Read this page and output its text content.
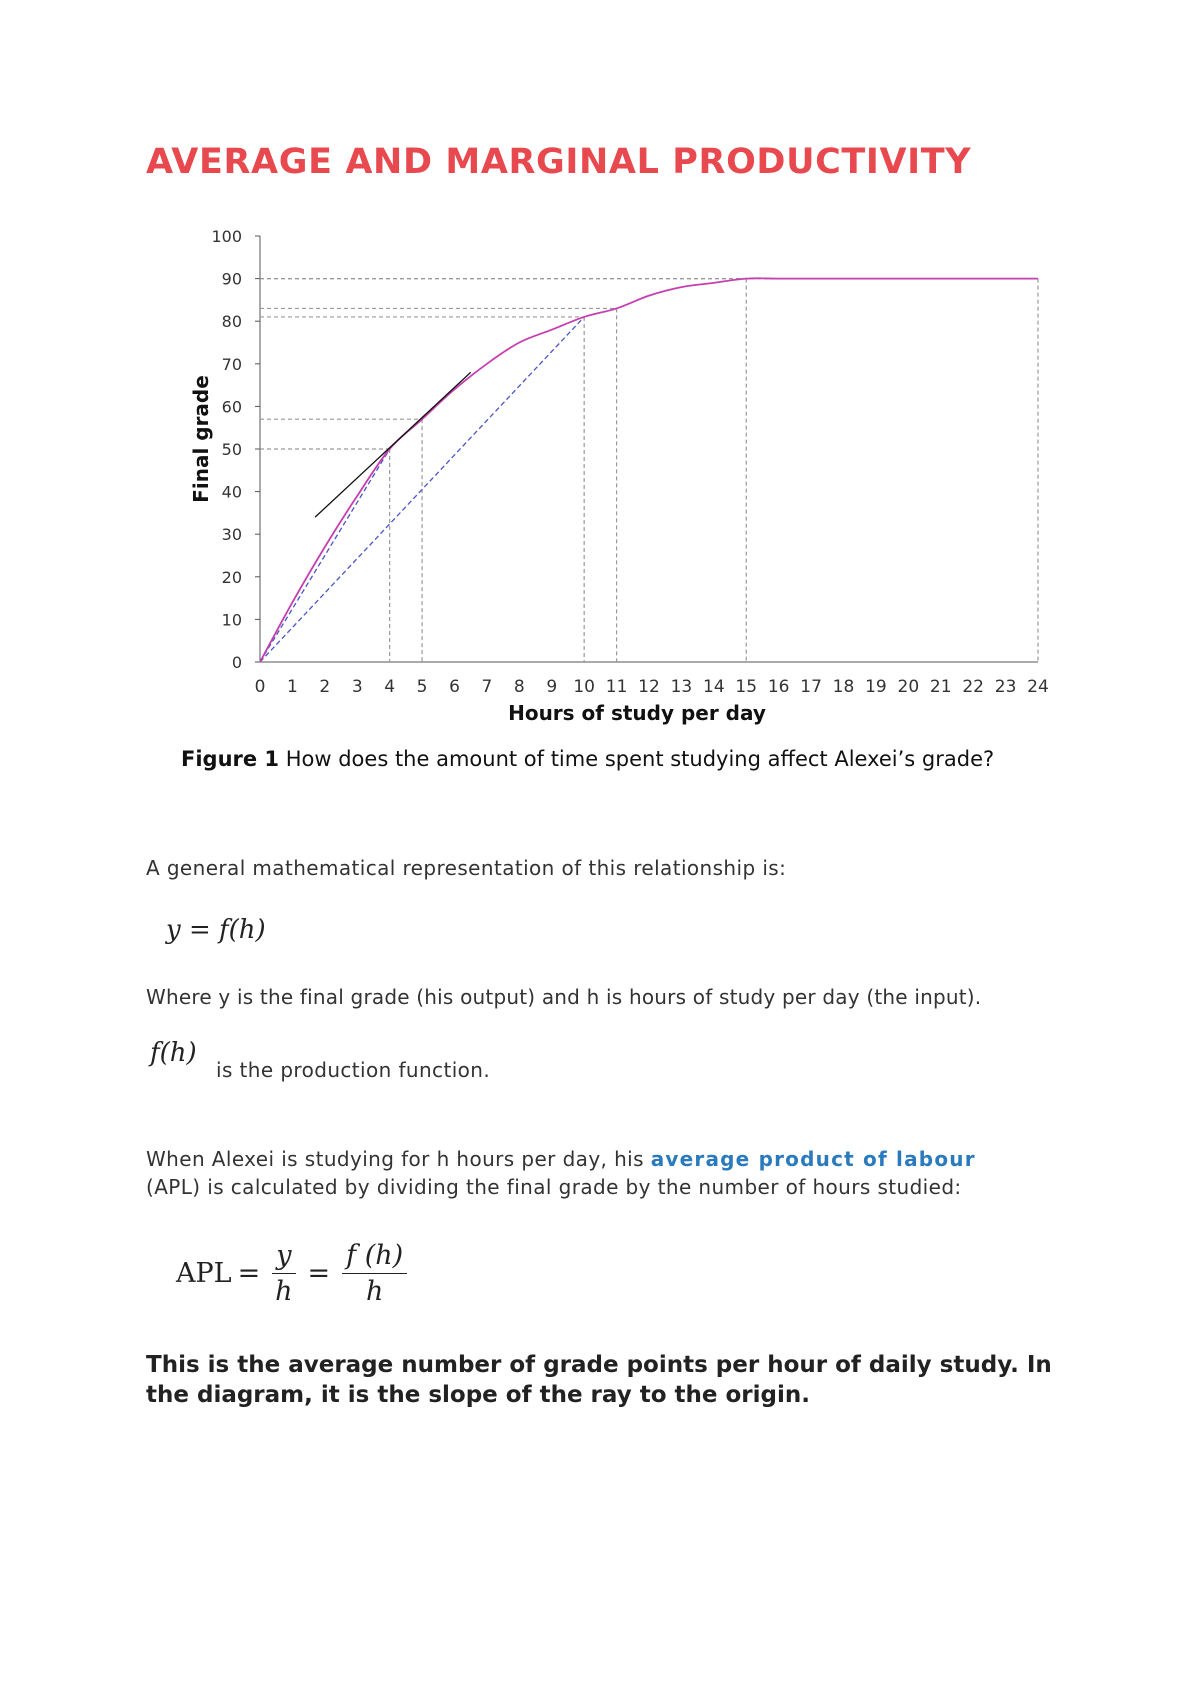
AVERAGE AND MARGINAL PRODUCTIVITY
0
10
20
30
40
50
60
70
80
90
100
0 1 2 3 4 5 6 7 8 9 10 11 12 13 14 15 16 17 18 19 20 21 22 23 24
Hours of study per day
Final grade
Figure 1 How does the amount of time spent studying affect Alexei’s grade?

A general mathematical representation of this relationship is:

y = f(h)

Where y is the final grade (his output) and h is hours of study per day (the input).

f(h)

is the production function.

When Alexei is studying for h hours per day, his average product of labour
(APL) is calculated by dividing the final grade by the number of hours studied:

APL = $\frac{y}{h} = \frac{f (h)}{h}$

This is the average number of grade points per hour of daily study. In the diagram, it is the slope of the ray to the origin.
